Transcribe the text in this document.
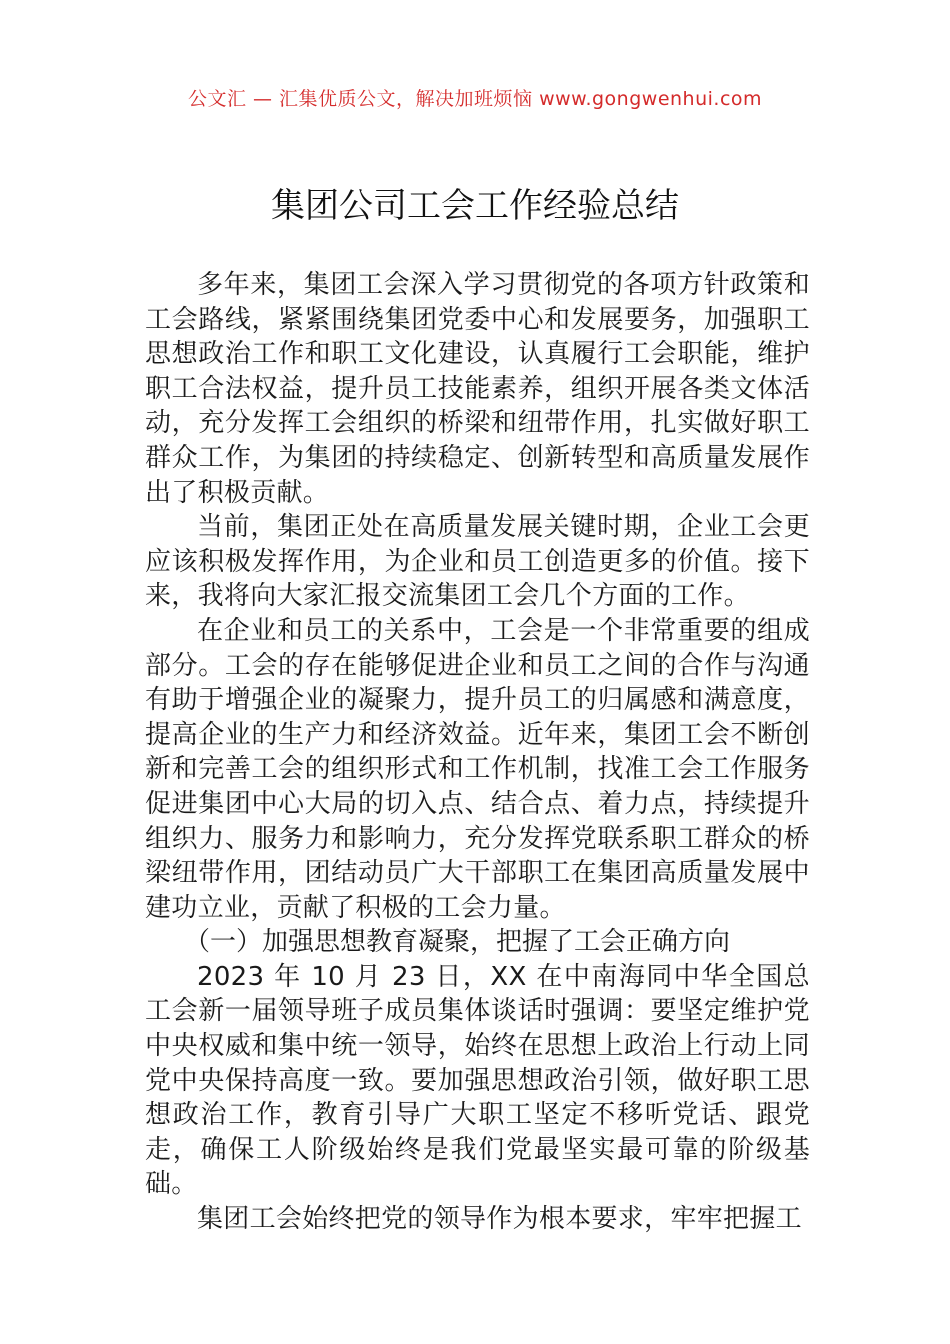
公文汇 — 汇集优质公文，解决加班烦恼 www.gongwenhui.com
集团公司工会工作经验总结

多年来，集团工会深入学习贯彻党的各项方针政策和工会路线，紧紧围绕集团党委中心和发展要务，加强职工思想政治工作和职工文化建设，认真履行工会职能，维护职工合法权益，提升员工技能素养，组织开展各类文体活动，充分发挥工会组织的桥梁和纽带作用，扎实做好职工群众工作，为集团的持续稳定、创新转型和高质量发展作出了积极贡献。

当前，集团正处在高质量发展关键时期，企业工会更应该积极发挥作用，为企业和员工创造更多的价值。接下来，我将向大家汇报交流集团工会几个方面的工作。

在企业和员工的关系中，工会是一个非常重要的组成部分。工会的存在能够促进企业和员工之间的合作与沟通有助于增强企业的凝聚力，提升员工的归属感和满意度，提高企业的生产力和经济效益。近年来，集团工会不断创新和完善工会的组织形式和工作机制，找准工会工作服务促进集团中心大局的切入点、结合点、着力点，持续提升组织力、服务力和影响力，充分发挥党联系职工群众的桥梁纽带作用，团结动员广大干部职工在集团高质量发展中建功立业，贡献了积极的工会力量。

（一）加强思想教育凝聚，把握了工会正确方向

2023 年 10 月 23 日，XX 在中南海同中华全国总工会新一届领导班子成员集体谈话时强调：要坚定维护党中央权威和集中统一领导，始终在思想上政治上行动上同党中央保持高度一致。要加强思想政治引领，做好职工思想政治工作，教育引导广大职工坚定不移听党话、跟党走，确保工人阶级始终是我们党最坚实最可靠的阶级基础。

集团工会始终把党的领导作为根本要求，牢牢把握工
